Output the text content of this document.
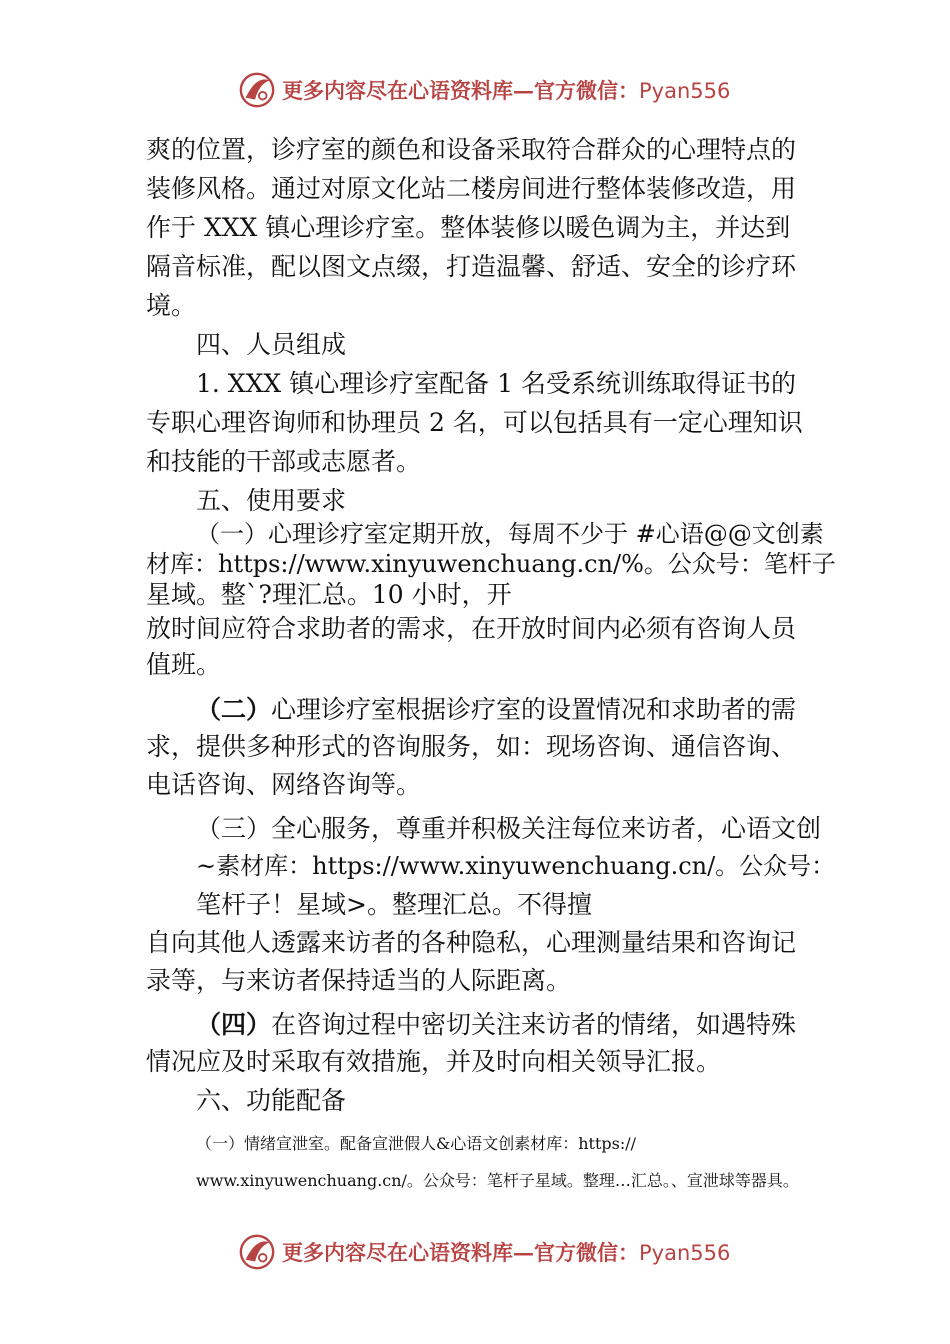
更多内容尽在心语资料库—官方微信：Pyan556
爽的位置，诊疗室的颜色和设备采取符合群众的心理特点的
装修风格。通过对原文化站二楼房间进行整体装修改造，用
作于 XXX 镇心理诊疗室。整体装修以暖色调为主，并达到
隔音标准，配以图文点缀，打造温馨、舒适、安全的诊疗环
境。
四、人员组成
1. XXX 镇心理诊疗室配备 1 名受系统训练取得证书的
专职心理咨询师和协理员 2 名，可以包括具有一定心理知识
和技能的干部或志愿者。
五、使用要求
（一）心理诊疗室定期开放，每周不少于 #心语@@文创素
材库：https://www.xinyuwenchuang.cn/%。公众号：笔杆子
星域。整`?理汇总。10 小时，开
放时间应符合求助者的需求，在开放时间内必须有咨询人员
值班。
（二）心理诊疗室根据诊疗室的设置情况和求助者的需
求，提供多种形式的咨询服务，如：现场咨询、通信咨询、
电话咨询、网络咨询等。
（三）全心服务，尊重并积极关注每位来访者，心语文创
~素材库：https://www.xinyuwenchuang.cn/。公众号：
笔杆子！星域>。整理汇总。不得擅
自向其他人透露来访者的各种隐私，心理测量结果和咨询记
录等，与来访者保持适当的人际距离。
（四）在咨询过程中密切关注来访者的情绪，如遇特殊
情况应及时采取有效措施，并及时向相关领导汇报。
六、功能配备
（一）情绪宣泄室。配备宣泄假人&心语文创素材库：https://
www.xinyuwenchuang.cn/。公众号：笔杆子星域。整理…汇总。、宣泄球等器具。
更多内容尽在心语资料库—官方微信：Pyan556
